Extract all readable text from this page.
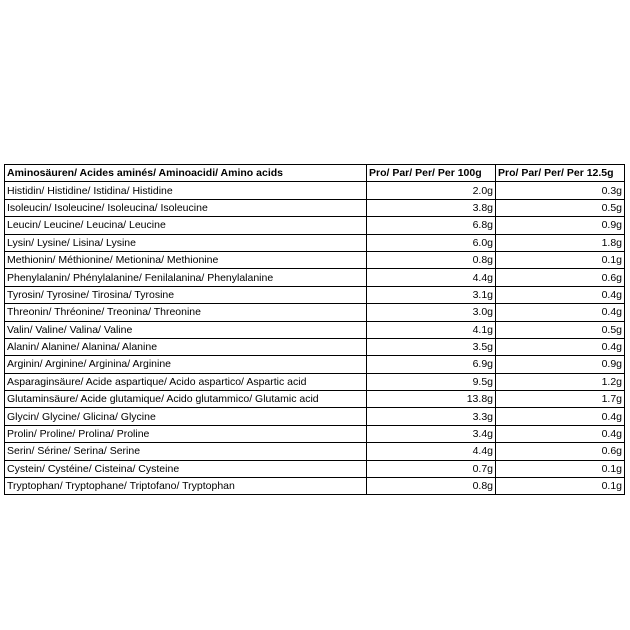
Aminosäuren/ Acides aminés/ Aminoacidi/ Amino acids	Pro/ Par/ Per/ Per 100g	Pro/ Par/ Per/ Per 12.5g
Histidin/ Histidine/ Istidina/ Histidine	2.0g	0.3g
Isoleucin/ Isoleucine/ Isoleucina/ Isoleucine	3.8g	0.5g
Leucin/ Leucine/ Leucina/ Leucine	6.8g	0.9g
Lysin/ Lysine/ Lisina/ Lysine	6.0g	1.8g
Methionin/ Méthionine/ Metionina/ Methionine	0.8g	0.1g
Phenylalanin/ Phénylalanine/ Fenilalanina/ Phenylalanine	4.4g	0.6g
Tyrosin/ Tyrosine/ Tirosina/ Tyrosine	3.1g	0.4g
Threonin/ Thréonine/ Treonina/ Threonine	3.0g	0.4g
Valin/ Valine/ Valina/ Valine	4.1g	0.5g
Alanin/ Alanine/ Alanina/ Alanine	3.5g	0.4g
Arginin/ Arginine/ Arginina/ Arginine	6.9g	0.9g
Asparaginsäure/ Acide aspartique/ Acido aspartico/ Aspartic acid	9.5g	1.2g
Glutaminsäure/ Acide glutamique/ Acido glutammico/ Glutamic acid	13.8g	1.7g
Glycin/ Glycine/ Glicina/ Glycine	3.3g	0.4g
Prolin/ Proline/ Prolina/ Proline	3.4g	0.4g
Serin/ Sérine/ Serina/ Serine	4.4g	0.6g
Cystein/ Cystéine/ Cisteina/ Cysteine	0.7g	0.1g
Tryptophan/ Tryptophane/ Triptofano/ Tryptophan	0.8g	0.1g
